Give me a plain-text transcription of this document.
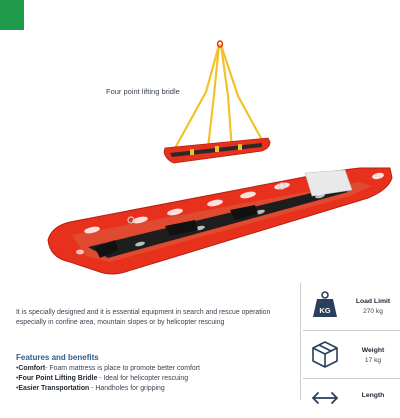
Four point lifting bridle
It is specially designed and it is essential equipment in search and rescue operation especially in confine area, mountain slopes or by helicopter rescuing
Features and benefits
•Comfort- Foam mattress is place to promote better comfort
•Four Point Lifting Bridle - Ideal for helicopter rescuing
•Easier Transportation - Handholes for gripping
KG
Load Limit
270 kg
Weight
17 kg
Length
